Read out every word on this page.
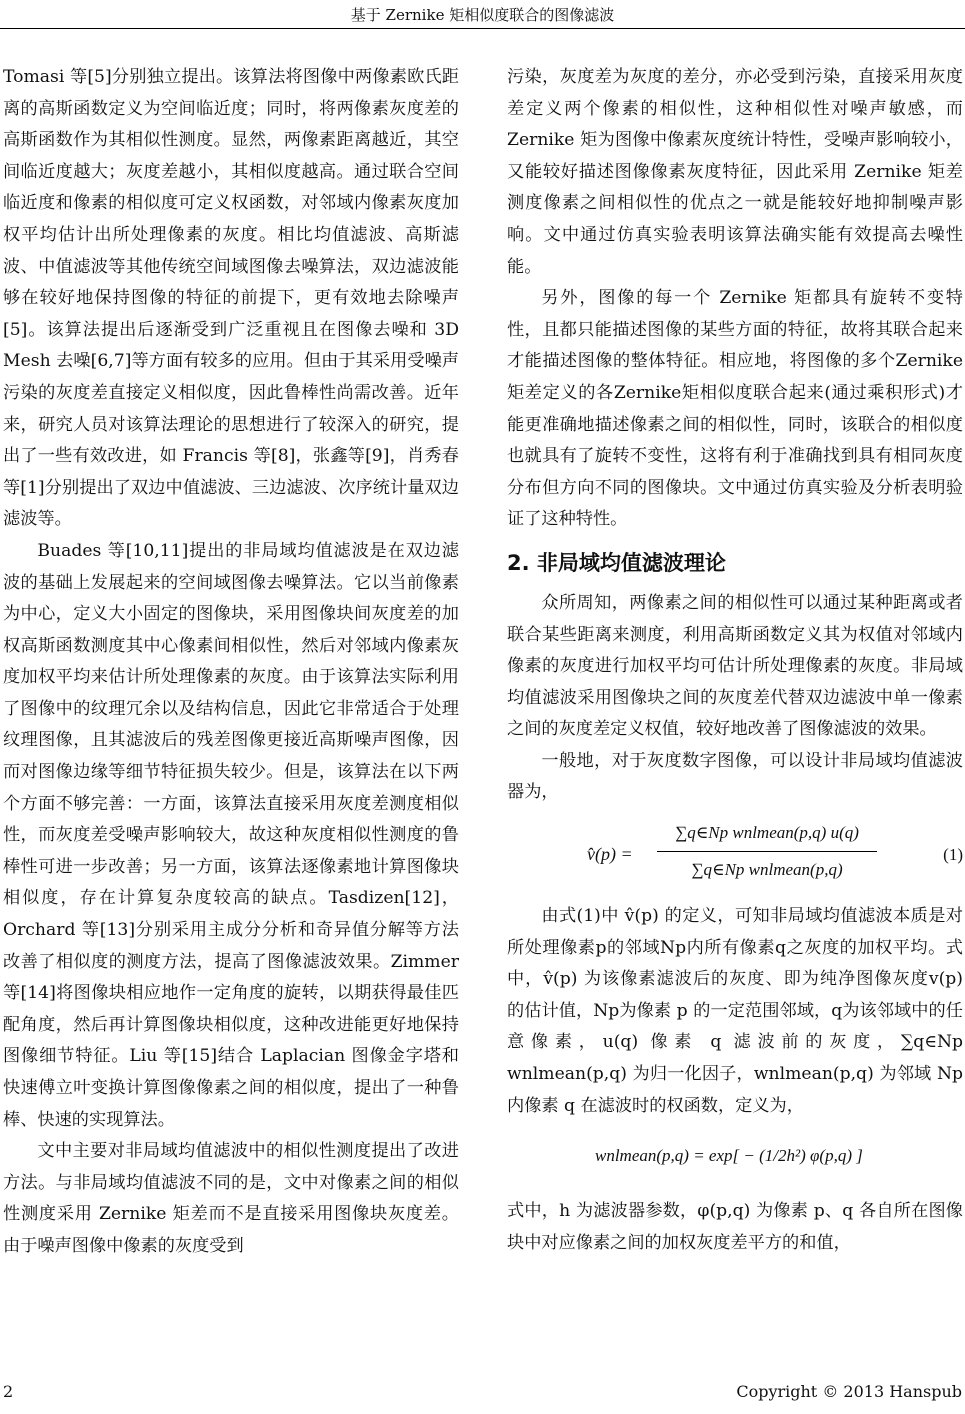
基于 Zernike 矩相似度联合的图像滤波

Tomasi 等[5]分别独立提出。该算法将图像中两像素欧氏距离的高斯函数定义为空间临近度；同时，将两像素灰度差的高斯函数作为其相似性测度。显然，两像素距离越近，其空间临近度越大；灰度差越小，其相似度越高。通过联合空间临近度和像素的相似度可定义权函数，对邻域内像素灰度加权平均估计出所处理像素的灰度。相比均值滤波、高斯滤波、中值滤波等其他传统空间域图像去噪算法，双边滤波能够在较好地保持图像的特征的前提下，更有效地去除噪声[5]。该算法提出后逐渐受到广泛重视且在图像去噪和 3D Mesh 去噪[6,7]等方面有较多的应用。但由于其采用受噪声污染的灰度差直接定义相似度，因此鲁棒性尚需改善。近年来，研究人员对该算法理论的思想进行了较深入的研究，提出了一些有效改进，如 Francis 等[8]，张鑫等[9]，肖秀春等[1]分别提出了双边中值滤波、三边滤波、次序统计量双边滤波等。

Buades 等[10,11]提出的非局域均值滤波是在双边滤波的基础上发展起来的空间域图像去噪算法。它以当前像素为中心，定义大小固定的图像块，采用图像块间灰度差的加权高斯函数测度其中心像素间相似性，然后对邻域内像素灰度加权平均来估计所处理像素的灰度。由于该算法实际利用了图像中的纹理冗余以及结构信息，因此它非常适合于处理纹理图像，且其滤波后的残差图像更接近高斯噪声图像，因而对图像边缘等细节特征损失较少。但是，该算法在以下两个方面不够完善：一方面，该算法直接采用灰度差测度相似性，而灰度差受噪声影响较大，故这种灰度相似性测度的鲁棒性可进一步改善；另一方面，该算法逐像素地计算图像块相似度，存在计算复杂度较高的缺点。Tasdizen[12]，Orchard 等[13]分别采用主成分分析和奇异值分解等方法改善了相似度的测度方法，提高了图像滤波效果。Zimmer 等[14]将图像块相应地作一定角度的旋转，以期获得最佳匹配角度，然后再计算图像块相似度，这种改进能更好地保持图像细节特征。Liu 等[15]结合 Laplacian 图像金字塔和快速傅立叶变换计算图像像素之间的相似度，提出了一种鲁棒、快速的实现算法。

文中主要对非局域均值滤波中的相似性测度提出了改进方法。与非局域均值滤波不同的是，文中对像素之间的相似性测度采用 Zernike 矩差而不是直接采用图像块灰度差。由于噪声图像中像素的灰度受到

污染，灰度差为灰度的差分，亦必受到污染，直接采用灰度差定义两个像素的相似性，这种相似性对噪声敏感，而 Zernike 矩为图像中像素灰度统计特性，受噪声影响较小，又能较好描述图像像素灰度特征，因此采用 Zernike 矩差测度像素之间相似性的优点之一就是能较好地抑制噪声影响。文中通过仿真实验表明该算法确实能有效提高去噪性能。

另外，图像的每一个 Zernike 矩都具有旋转不变特性，且都只能描述图像的某些方面的特征，故将其联合起来才能描述图像的整体特征。相应地，将图像的多个Zernike矩差定义的各Zernike矩相似度联合起来(通过乘积形式)才能更准确地描述像素之间的相似性，同时，该联合的相似度也就具有了旋转不变性，这将有利于准确找到具有相同灰度分布但方向不同的图像块。文中通过仿真实验及分析表明验证了这种特性。

2. 非局域均值滤波理论

众所周知，两像素之间的相似性可以通过某种距离或者联合某些距离来测度，利用高斯函数定义其为权值对邻域内像素的灰度进行加权平均可估计所处理像素的灰度。非局域均值滤波采用图像块之间的灰度差代替双边滤波中单一像素之间的灰度差定义权值，较好地改善了图像滤波的效果。

一般地，对于灰度数字图像，可以设计非局域均值滤波器为，

v̂(p) =
∑q∈Np wnlmean(p,q) u(q)
∑q∈Np wnlmean(p,q)
(1)

由式(1)中 v̂(p) 的定义，可知非局域均值滤波本质是对所处理像素p的邻域Np内所有像素q之灰度的加权平均。式中，v̂(p) 为该像素滤波后的灰度、即为纯净图像灰度v(p) 的估计值，Np为像素 p 的一定范围邻域，q为该邻域中的任意像素，u(q) 像素 q 滤波前的灰度，∑q∈Np wnlmean(p,q) 为归一化因子，wnlmean(p,q) 为邻域 Np内像素 q 在滤波时的权函数，定义为，

wnlmean(p,q) = exp[ − (1/2h²) φ(p,q) ]

式中，h 为滤波器参数，φ(p,q) 为像素 p、q 各自所在图像块中对应像素之间的加权灰度差平方的和值，

2	Copyright © 2013 Hanspub
